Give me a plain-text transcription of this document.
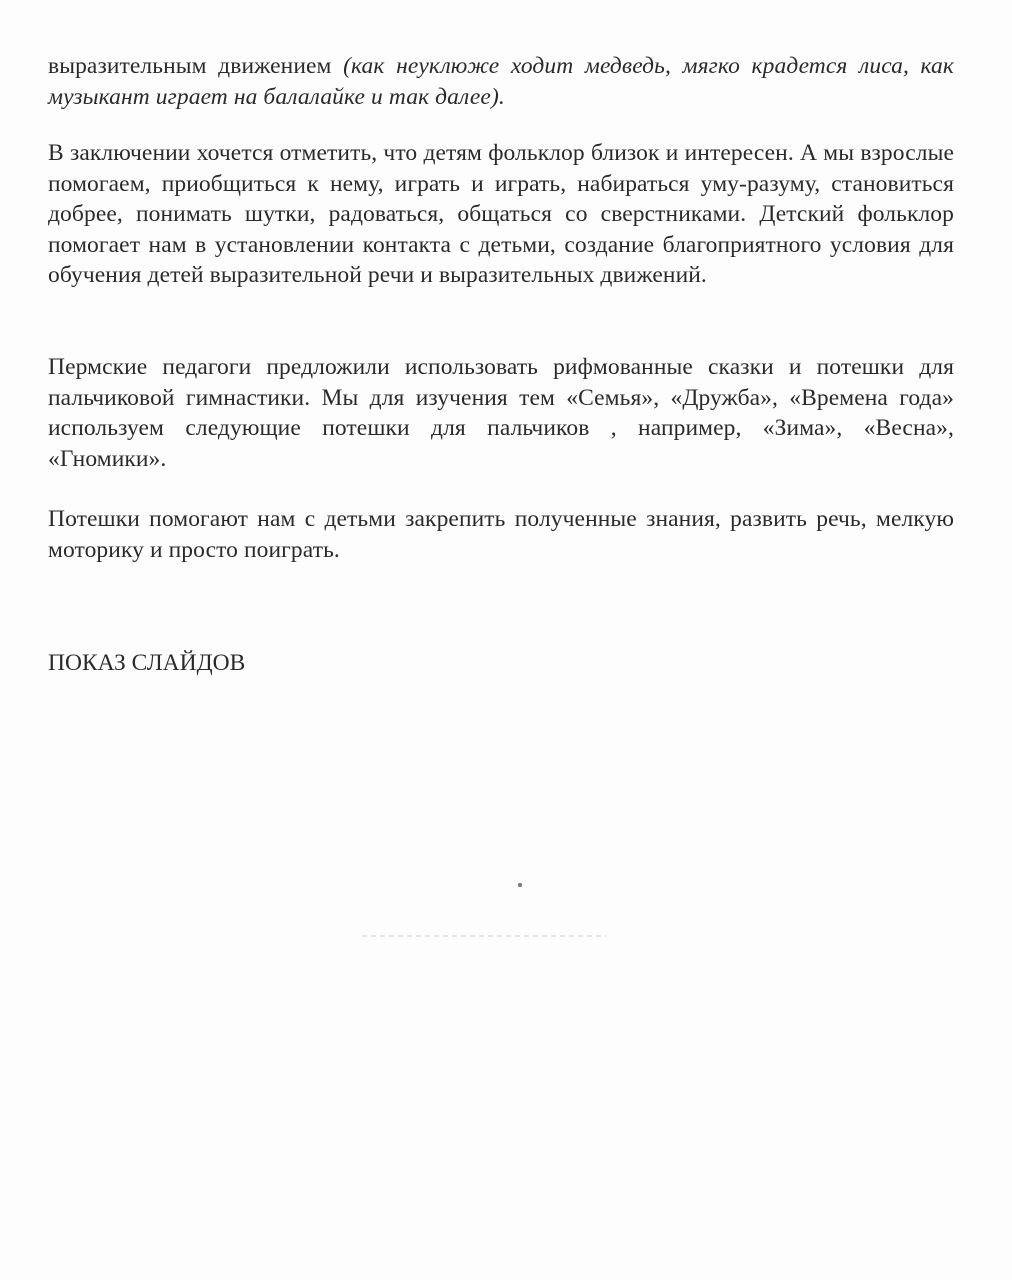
выразительным движением (как неуклюже ходит медведь, мягко крадется лиса, как музыкант играет на балалайке и так далее).

В заключении хочется отметить, что детям фольклор близок и интересен. А мы взрослые помогаем, приобщиться к нему, играть и играть, набираться уму-разуму, становиться добрее, понимать шутки, радоваться, общаться со сверстниками. Детский фольклор помогает нам в установлении контакта с детьми, создание благоприятного условия для обучения детей выразительной речи и выразительных движений.

Пермские педагоги предложили использовать рифмованные сказки и потешки для пальчиковой гимнастики. Мы для изучения тем «Семья», «Дружба», «Времена года» используем следующие потешки для пальчиков , например, «Зима», «Весна», «Гномики».

Потешки помогают нам с детьми закрепить полученные знания, развить речь, мелкую моторику и просто поиграть.

ПОКАЗ СЛАЙДОВ
